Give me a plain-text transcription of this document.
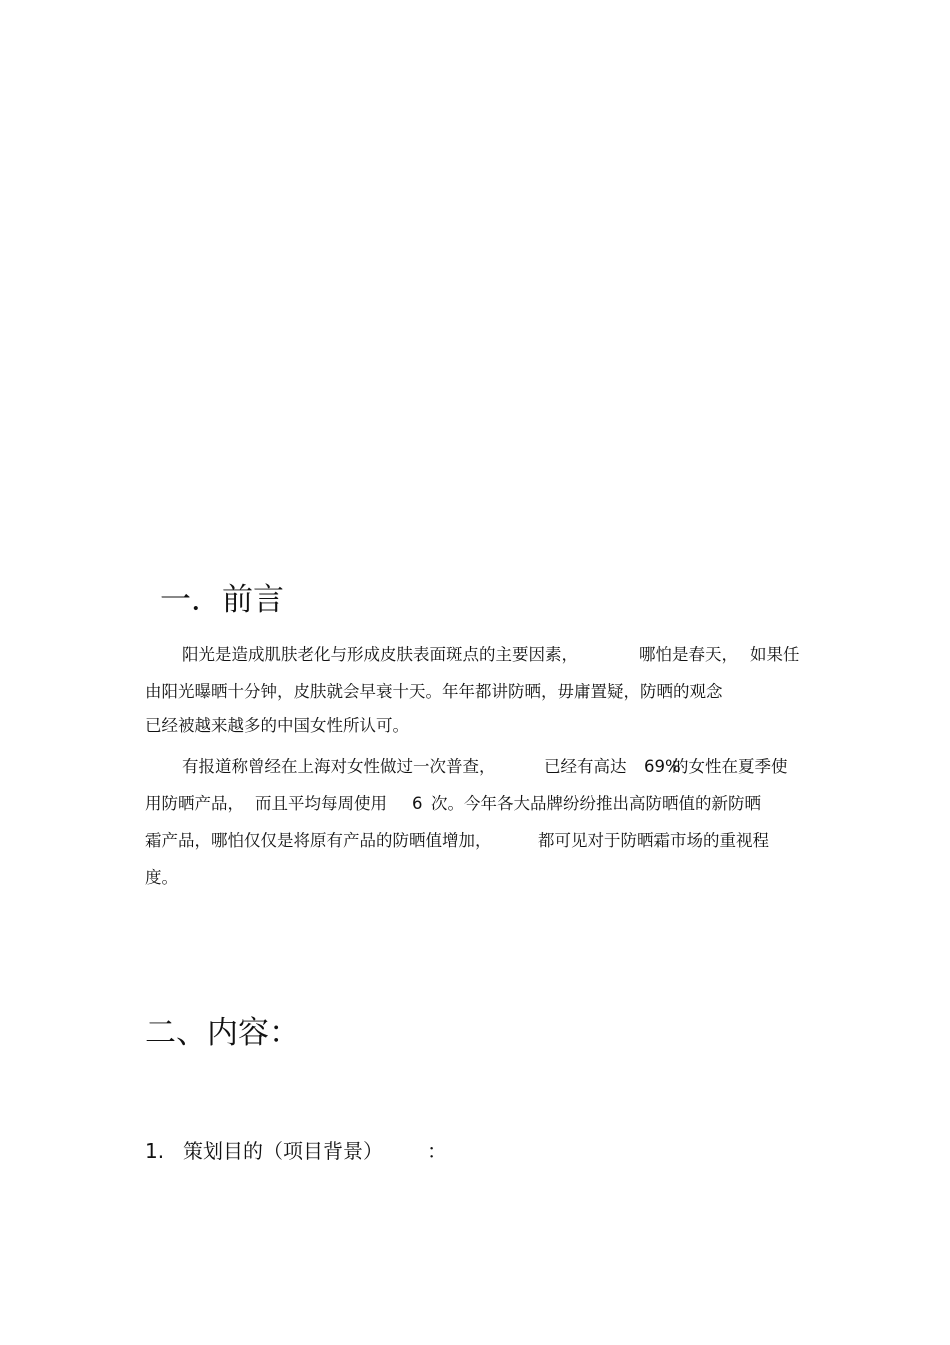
一．前言
阳光是造成肌肤老化与形成皮肤表面斑点的主要因素，	哪怕是春天， 如果任
由阳光曝晒十分钟，皮肤就会早衰十天。年年都讲防晒，毋庸置疑，防晒的观念
已经被越来越多的中国女性所认可。
有报道称曾经在上海对女性做过一次普查，	已经有高达 69%
的女性在夏季使
用防晒产品， 而且平均每周使用 6 次。今年各大品牌纷纷推出高防晒值的新防晒
霜产品，哪怕仅仅是将原有产品的防晒值增加，	都可见对于防晒霜市场的重视程
度。
二、内容：
1. 策划目的（项目背景） ：
